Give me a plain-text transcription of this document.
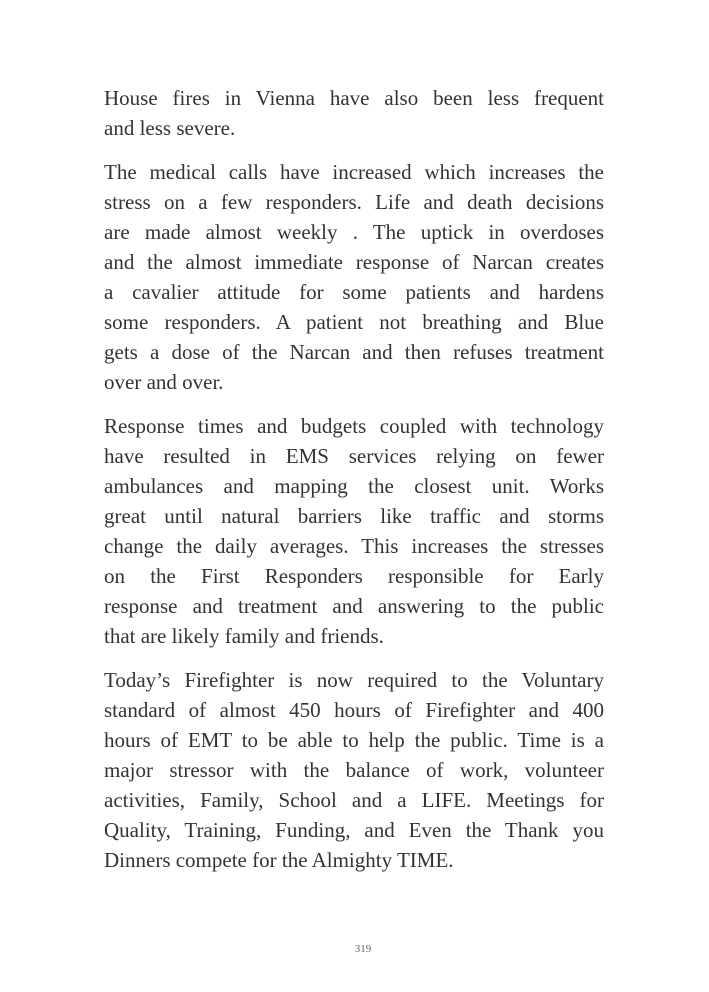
House fires in Vienna have also been less frequent
and less severe.
The medical calls have increased which increases the
stress on a few responders. Life and death decisions
are made almost weekly . The uptick in overdoses
and the almost immediate response of Narcan creates
a cavalier attitude for some patients and hardens
some responders. A patient not breathing and Blue
gets a dose of the Narcan and then refuses treatment
over and over.
Response times and budgets coupled with technology
have resulted in EMS services relying on fewer
ambulances and mapping the closest unit. Works
great until natural barriers like traffic and storms
change the daily averages. This increases the stresses
on the First Responders responsible for Early
response and treatment and answering to the public
that are likely family and friends.
Today’s Firefighter is now required to the Voluntary
standard of almost 450 hours of Firefighter and 400
hours of EMT to be able to help the public. Time is a
major stressor with the balance of work, volunteer
activities, Family, School and a LIFE. Meetings for
Quality, Training, Funding, and Even the Thank you
Dinners compete for the Almighty TIME.
319
